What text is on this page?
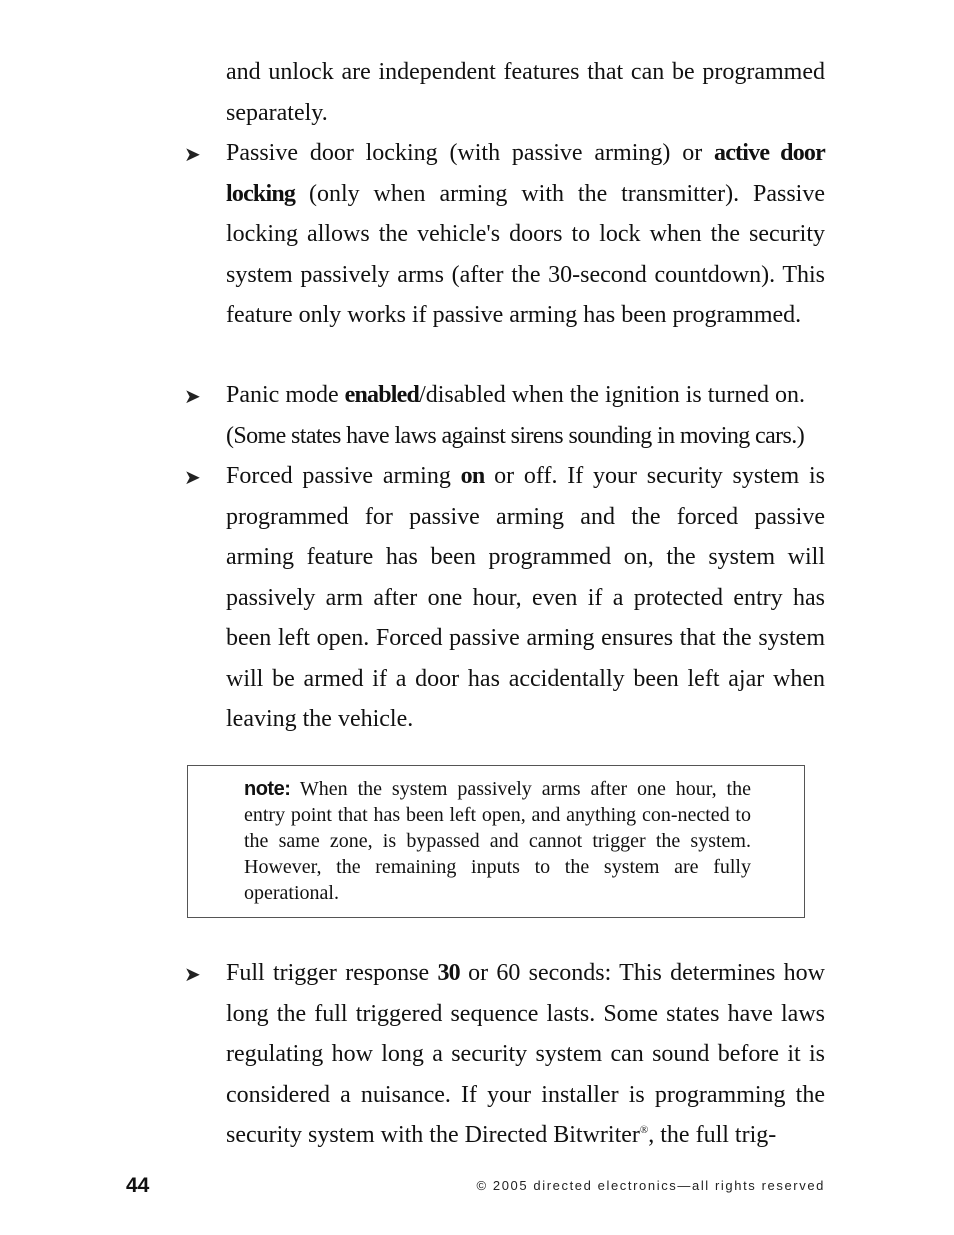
and unlock are independent features that can be programmed separately.
➤ Passive door locking (with passive arming) or active door locking (only when arming with the transmitter). Passive locking allows the vehicle's doors to lock when the security system passively arms (after the 30-second countdown). This feature only works if passive arming has been programmed.
➤ Panic mode enabled/disabled when the ignition is turned on.
(Some states have laws against sirens sounding in moving cars.)
➤ Forced passive arming on or off. If your security system is programmed for passive arming and the forced passive arming feature has been programmed on, the system will passively arm after one hour, even if a protected entry has been left open. Forced passive arming ensures that the system will be armed if a door has accidentally been left ajar when leaving the vehicle.
note: When the system passively arms after one hour, the entry point that has been left open, and anything con-nected to the same zone, is bypassed and cannot trigger the system. However, the remaining inputs to the system are fully operational.
➤ Full trigger response 30 or 60 seconds: This determines how long the full triggered sequence lasts. Some states have laws regulating how long a security system can sound before it is considered a nuisance. If your installer is programming the security system with the Directed Bitwriter®, the full trig-
44	© 2005 directed electronics—all rights reserved
